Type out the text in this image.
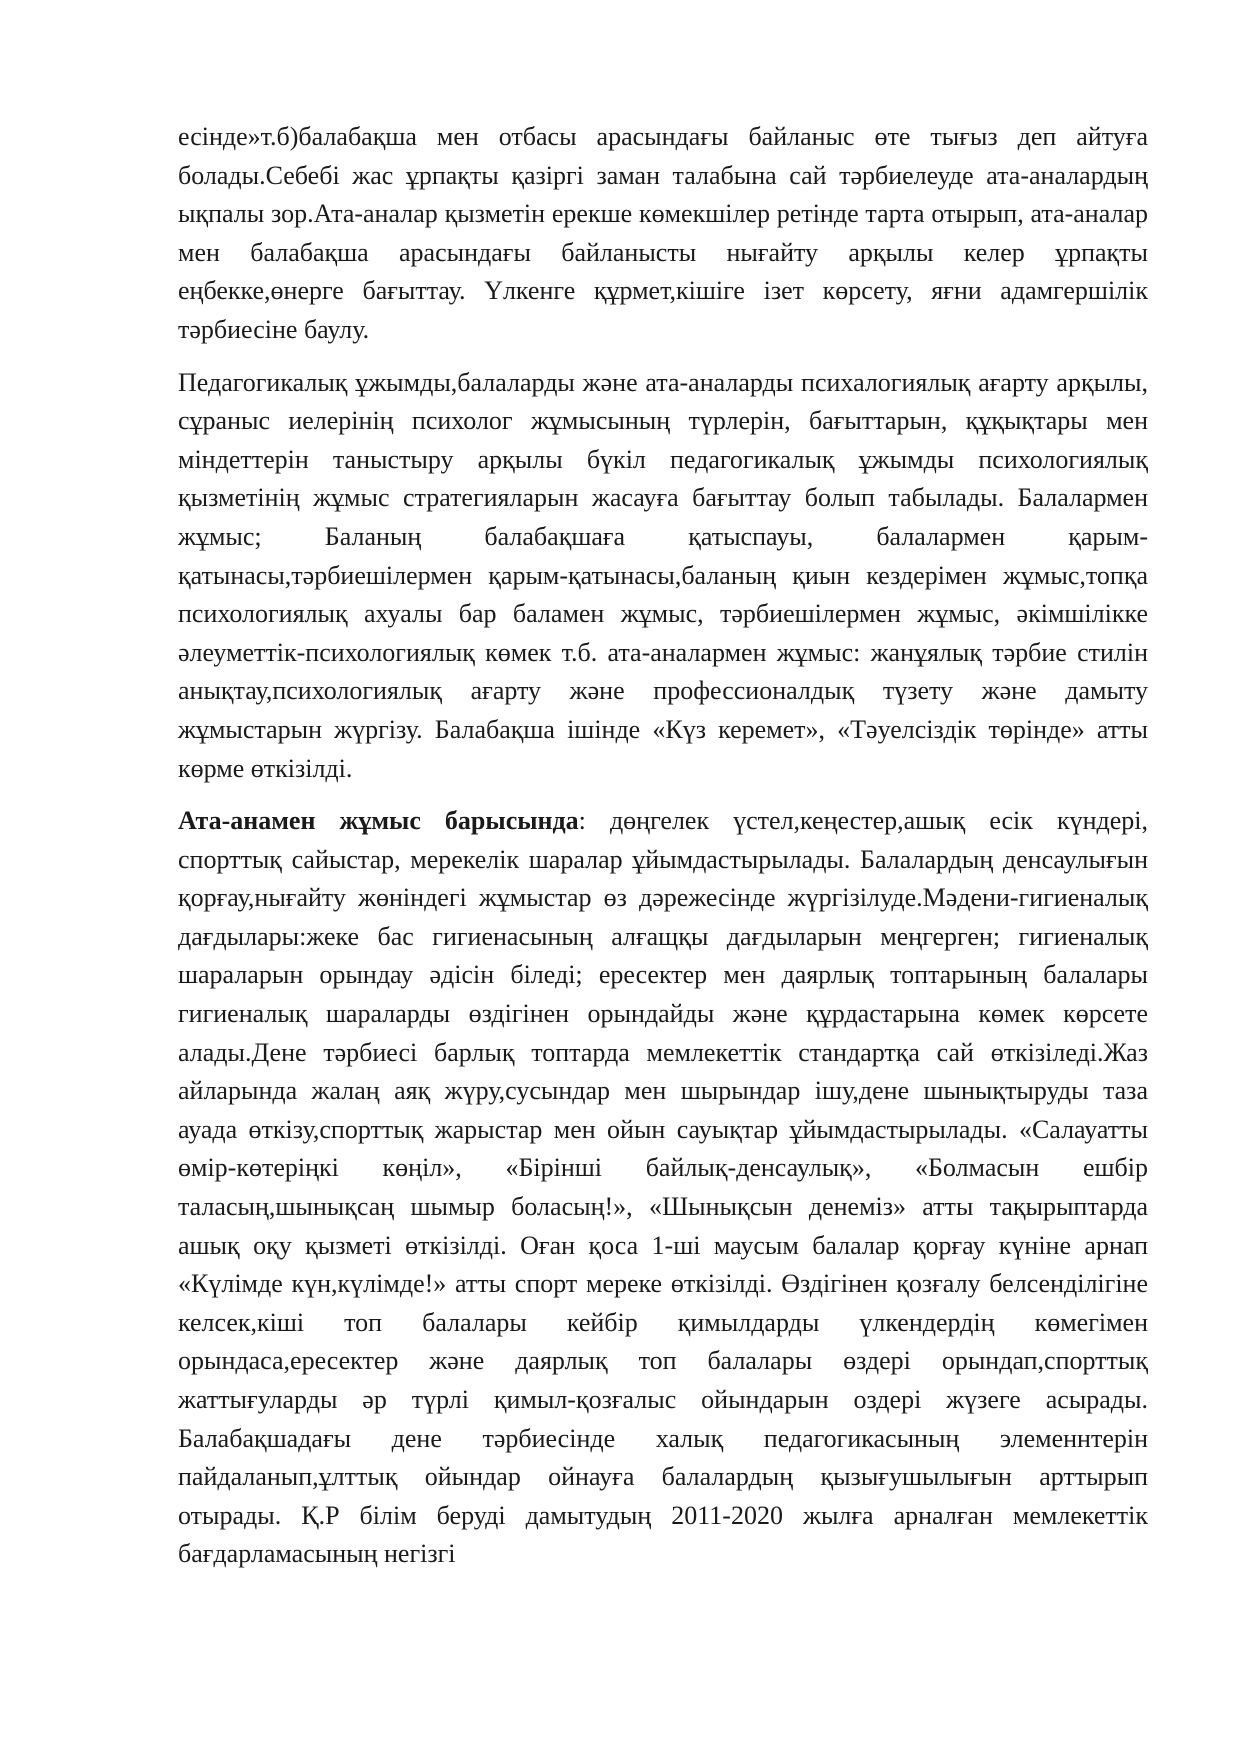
есінде»т.б)балабақша мен отбасы арасындағы байланыс өте тығыз деп айтуға болады.Себебі жас ұрпақты қазіргі заман талабына сай тәрбиелеуде ата-аналардың ықпалы зор.Ата-аналар қызметін ерекше көмекшілер ретінде тарта отырып, ата-аналар мен балабақша арасындағы байланысты нығайту арқылы келер ұрпақты еңбекке,өнерге бағыттау. Үлкенге құрмет,кішіге ізет көрсету, яғни адамгершілік тәрбиесіне баулу.

Педагогикалық ұжымды,балаларды және ата-аналарды психалогиялық ағарту арқылы, сұраныс иелерінің психолог жұмысының түрлерін, бағыттарын, құқықтары мен міндеттерін таныстыру арқылы бүкіл педагогикалық ұжымды психологиялық қызметінің жұмыс стратегияларын жасауға бағыттау болып табылады. Балалармен жұмыс; Баланың балабақшаға қатыспауы, балалармен қарым-қатынасы,тәрбиешілермен қарым-қатынасы,баланың қиын кездерімен жұмыс,топқа психологиялық ахуалы бар баламен жұмыс, тәрбиешілермен жұмыс, әкімшілікке әлеуметтік-психологиялық көмек т.б. ата-аналармен жұмыс: жанұялық тәрбие стилін анықтау,психологиялық ағарту және профессионалдық түзету және дамыту жұмыстарын жүргізу. Балабақша ішінде «Күз керемет», «Тәуелсіздік төрінде» атты көрме өткізілді.

Ата-анамен жұмыс барысында: дөңгелек үстел,кеңестер,ашық есік күндері, спорттық сайыстар, мерекелік шаралар ұйымдастырылады. Балалардың денсаулығын қорғау,нығайту жөніндегі жұмыстар өз дәрежесінде жүргізілуде.Мәдени-гигиеналық дағдылары:жеке бас гигиенасының алғащқы дағдыларын меңгерген; гигиеналық шараларын орындау әдісін біледі; ересектер мен даярлық топтарының балалары гигиеналық шараларды өздігінен орындайды және құрдастарына көмек көрсете алады.Дене тәрбиесі барлық топтарда мемлекеттік стандартқа сай өткізіледі.Жаз айларында жалаң аяқ жүру,сусындар мен шырындар ішу,дене шынықтыруды таза ауада өткізу,спорттық жарыстар мен ойын сауықтар ұйымдастырылады. «Салауатты өмір-көтеріңкі көңіл», «Бірінші байлық-денсаулық», «Болмасын ешбір таласың,шынықсаң шымыр боласың!», «Шынықсын денеміз» атты тақырыптарда ашық оқу қызметі өткізілді. Оған қоса 1-ші маусым балалар қорғау күніне арнап «Күлімде күн,күлімде!» атты спорт мереке өткізілді. Өздігінен қозғалу белсенділігіне келсек,кіші топ балалары кейбір қимылдарды үлкендердің көмегімен орындаса,ересектер және даярлық топ балалары өздері орындап,спорттық жаттығуларды әр түрлі қимыл-қозғалыс ойындарын оздері жүзеге асырады. Балабақшадағы дене тәрбиесінде халық педагогикасының элеменнтерін пайдаланып,ұлттық ойындар ойнауға балалардың қызығушылығын арттырып отырады. Қ.Р білім беруді дамытудың 2011-2020 жылға арналған мемлекеттік бағдарламасының негізгі
